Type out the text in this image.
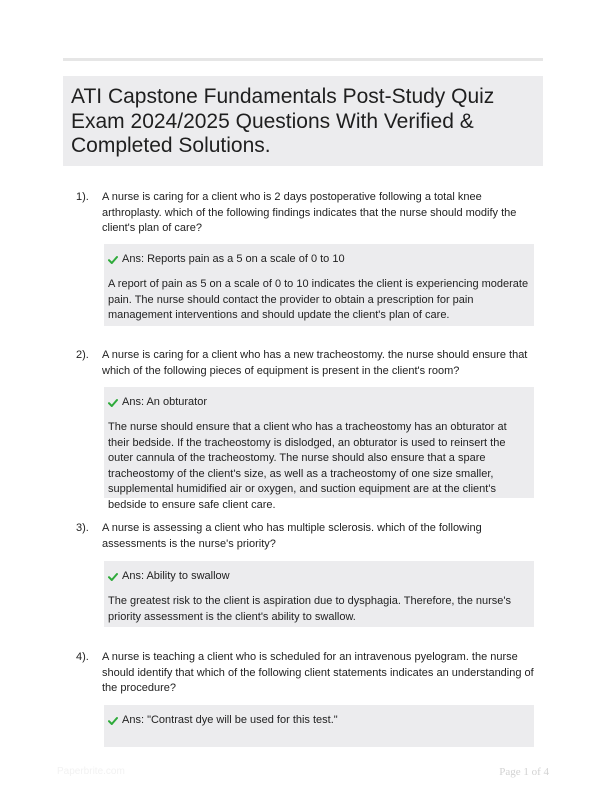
ATI Capstone Fundamentals Post-Study Quiz Exam 2024/2025 Questions With Verified & Completed Solutions.
1). A nurse is caring for a client who is 2 days postoperative following a total knee arthroplasty. which of the following findings indicates that the nurse should modify the client's plan of care?

Ans: Reports pain as a 5 on a scale of 0 to 10

A report of pain as 5 on a scale of 0 to 10 indicates the client is experiencing moderate pain. The nurse should contact the provider to obtain a prescription for pain management interventions and should update the client's plan of care.

2). A nurse is caring for a client who has a new tracheostomy. the nurse should ensure that which of the following pieces of equipment is present in the client's room?

Ans: An obturator

The nurse should ensure that a client who has a tracheostomy has an obturator at their bedside. If the tracheostomy is dislodged, an obturator is used to reinsert the outer cannula of the tracheostomy. The nurse should also ensure that a spare tracheostomy of the client's size, as well as a tracheostomy of one size smaller, supplemental humidified air or oxygen, and suction equipment are at the client's bedside to ensure safe client care.

3). A nurse is assessing a client who has multiple sclerosis. which of the following assessments is the nurse's priority?

Ans: Ability to swallow

The greatest risk to the client is aspiration due to dysphagia. Therefore, the nurse's priority assessment is the client's ability to swallow.

4). A nurse is teaching a client who is scheduled for an intravenous pyelogram. the nurse should identify that which of the following client statements indicates an understanding of the procedure?

Ans: "Contrast dye will be used for this test."
Paperbrite.com	Page 1 of 4
